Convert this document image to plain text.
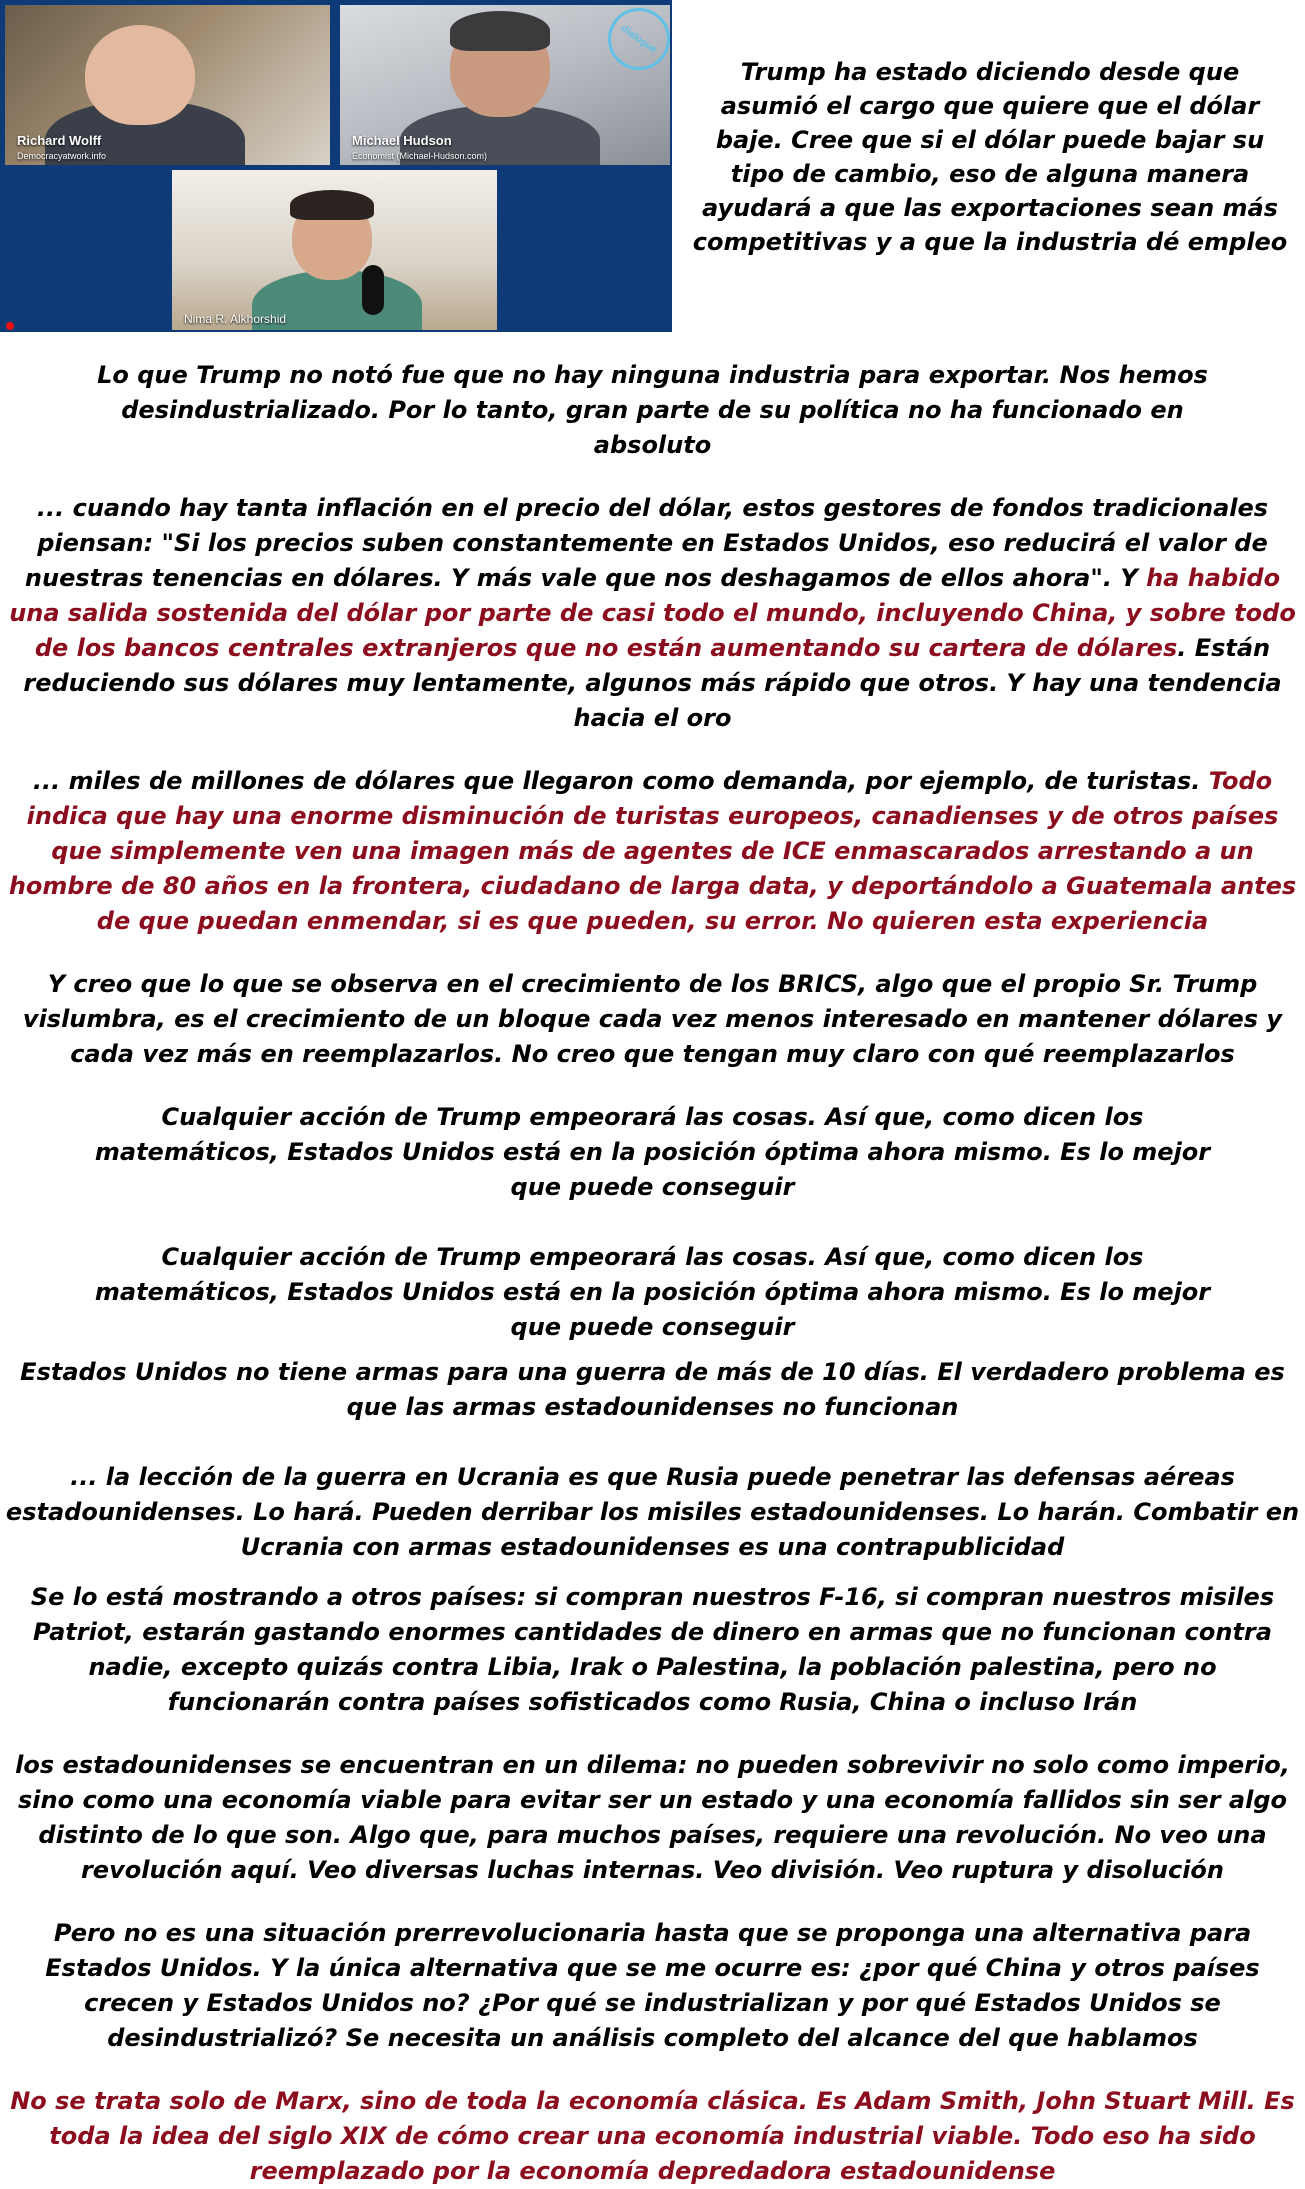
Richard Wolff
Democracyatwork.info
Michael Hudson
Economist (Michael-Hudson.com)
Nima R. Alkhorshid
dialogue
Trump ha estado diciendo desde que asumió el cargo que quiere que el dólar baje. Cree que si el dólar puede bajar su tipo de cambio, eso de alguna manera ayudará a que las exportaciones sean más competitivas y a que la industria dé empleo

Lo que Trump no notó fue que no hay ninguna industria para exportar. Nos hemos desindustrializado. Por lo tanto, gran parte de su política no ha funcionado en absoluto

... cuando hay tanta inflación en el precio del dólar, estos gestores de fondos tradicionales piensan: "Si los precios suben constantemente en Estados Unidos, eso reducirá el valor de nuestras tenencias en dólares. Y más vale que nos deshagamos de ellos ahora". Y ha habido una salida sostenida del dólar por parte de casi todo el mundo, incluyendo China, y sobre todo de los bancos centrales extranjeros que no están aumentando su cartera de dólares. Están reduciendo sus dólares muy lentamente, algunos más rápido que otros. Y hay una tendencia hacia el oro

... miles de millones de dólares que llegaron como demanda, por ejemplo, de turistas. Todo indica que hay una enorme disminución de turistas europeos, canadienses y de otros países que simplemente ven una imagen más de agentes de ICE enmascarados arrestando a un hombre de 80 años en la frontera, ciudadano de larga data, y deportándolo a Guatemala antes de que puedan enmendar, si es que pueden, su error. No quieren esta experiencia

Y creo que lo que se observa en el crecimiento de los BRICS, algo que el propio Sr. Trump vislumbra, es el crecimiento de un bloque cada vez menos interesado en mantener dólares y cada vez más en reemplazarlos. No creo que tengan muy claro con qué reemplazarlos

Cualquier acción de Trump empeorará las cosas. Así que, como dicen los matemáticos, Estados Unidos está en la posición óptima ahora mismo. Es lo mejor que puede conseguir

Cualquier acción de Trump empeorará las cosas. Así que, como dicen los matemáticos, Estados Unidos está en la posición óptima ahora mismo. Es lo mejor que puede conseguir

Estados Unidos no tiene armas para una guerra de más de 10 días. El verdadero problema es que las armas estadounidenses no funcionan

... la lección de la guerra en Ucrania es que Rusia puede penetrar las defensas aéreas estadounidenses. Lo hará. Pueden derribar los misiles estadounidenses. Lo harán. Combatir en Ucrania con armas estadounidenses es una contrapublicidad

Se lo está mostrando a otros países: si compran nuestros F-16, si compran nuestros misiles Patriot, estarán gastando enormes cantidades de dinero en armas que no funcionan contra nadie, excepto quizás contra Libia, Irak o Palestina, la población palestina, pero no funcionarán contra países sofisticados como Rusia, China o incluso Irán

los estadounidenses se encuentran en un dilema: no pueden sobrevivir no solo como imperio, sino como una economía viable para evitar ser un estado y una economía fallidos sin ser algo distinto de lo que son. Algo que, para muchos países, requiere una revolución. No veo una revolución aquí. Veo diversas luchas internas. Veo división. Veo ruptura y disolución

Pero no es una situación prerrevolucionaria hasta que se proponga una alternativa para Estados Unidos. Y la única alternativa que se me ocurre es: ¿por qué China y otros países crecen y Estados Unidos no? ¿Por qué se industrializan y por qué Estados Unidos se desindustrializó? Se necesita un análisis completo del alcance del que hablamos

No se trata solo de Marx, sino de toda la economía clásica. Es Adam Smith, John Stuart Mill. Es toda la idea del siglo XIX de cómo crear una economía industrial viable. Todo eso ha sido reemplazado por la economía depredadora estadounidense
